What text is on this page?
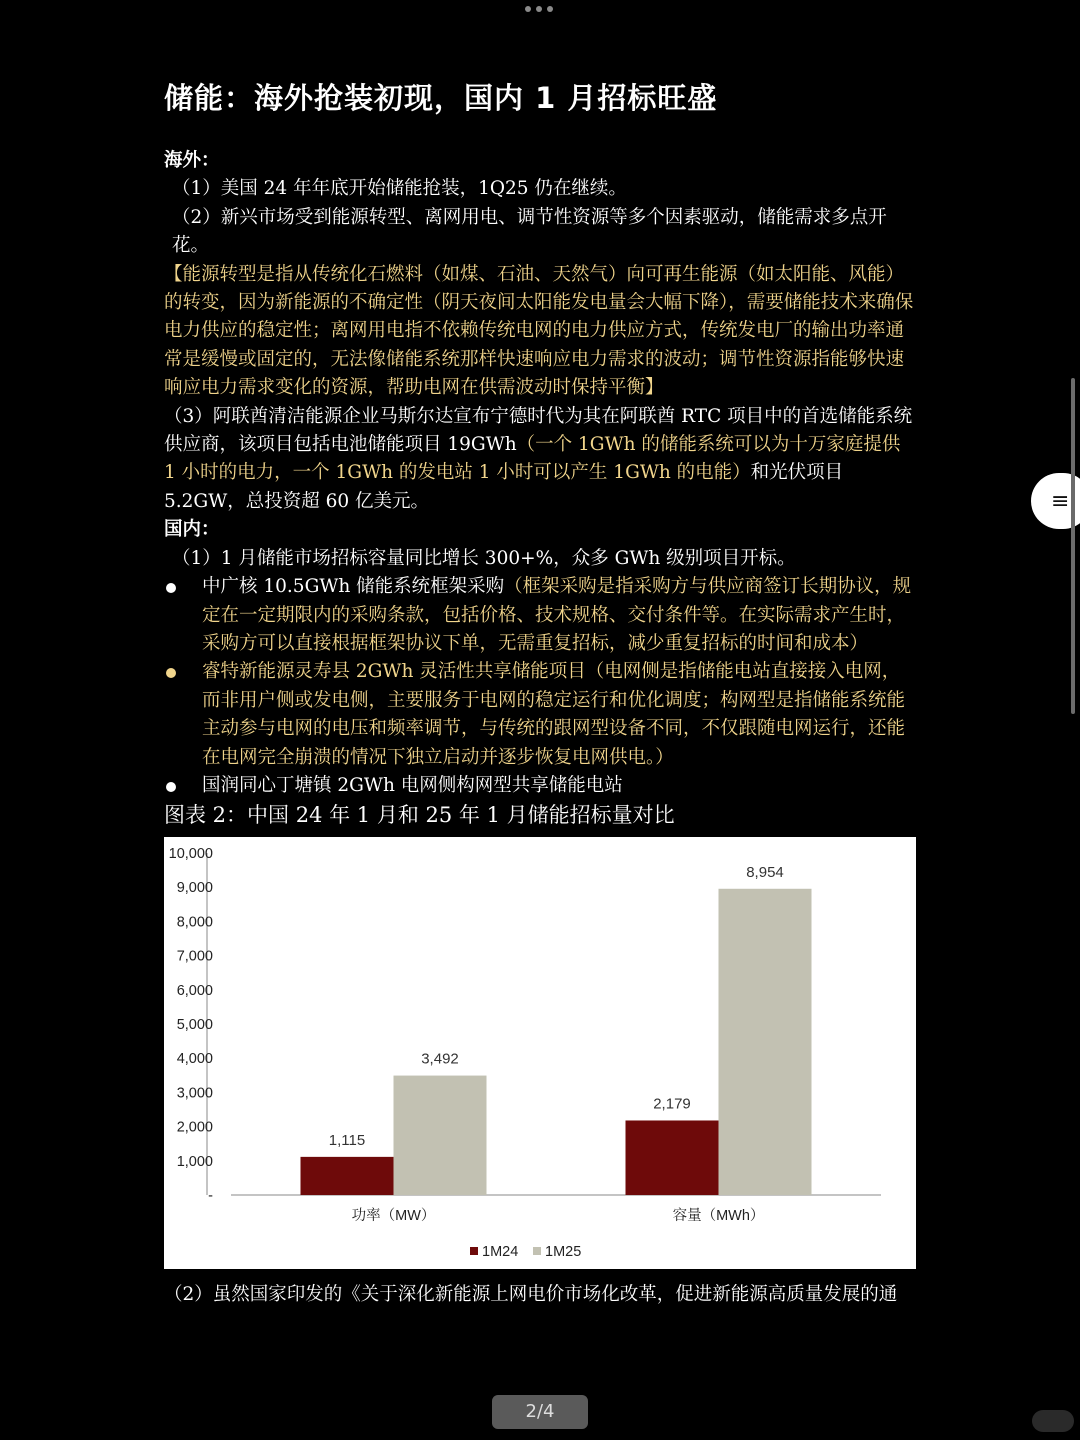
储能：海外抢装初现，国内 1 月招标旺盛

海外：

（1）美国 24 年年底开始储能抢装，1Q25 仍在继续。

（2）新兴市场受到能源转型、离网用电、调节性资源等多个因素驱动，储能需求多点开花。

【能源转型是指从传统化石燃料（如煤、石油、天然气）向可再生能源（如太阳能、风能）的转变，因为新能源的不确定性（阴天夜间太阳能发电量会大幅下降），需要储能技术来确保电力供应的稳定性；离网用电指不依赖传统电网的电力供应方式，传统发电厂的输出功率通常是缓慢或固定的，无法像储能系统那样快速响应电力需求的波动；调节性资源指能够快速响应电力需求变化的资源，帮助电网在供需波动时保持平衡】

（3）阿联酋清洁能源企业马斯尔达宣布宁德时代为其在阿联酋 RTC 项目中的首选储能系统供应商，该项目包括电池储能项目 19GWh（一个 1GWh 的储能系统可以为十万家庭提供 1 小时的电力，一个 1GWh 的发电站 1 小时可以产生 1GWh 的电能）和光伏项目 5.2GW，总投资超 60 亿美元。

国内：

（1）1 月储能市场招标容量同比增长 300+%，众多 GWh 级别项目开标。

中广核 10.5GWh 储能系统框架采购（框架采购是指采购方与供应商签订长期协议，规定在一定期限内的采购条款，包括价格、技术规格、交付条件等。在实际需求产生时，采购方可以直接根据框架协议下单，无需重复招标，减少重复招标的时间和成本）

睿特新能源灵寿县 2GWh 灵活性共享储能项目（电网侧是指储能电站直接接入电网，而非用户侧或发电侧，主要服务于电网的稳定运行和优化调度；构网型是指储能系统能主动参与电网的电压和频率调节，与传统的跟网型设备不同，不仅跟随电网运行，还能在电网完全崩溃的情况下独立启动并逐步恢复电网供电。）

国润同心丁塘镇 2GWh 电网侧构网型共享储能电站

图表 2：中国 24 年 1 月和 25 年 1 月储能招标量对比
-
1,000
2,000
3,000
4,000
5,000
6,000
7,000
8,000
9,000
10,000
1,115
3,492
功率（MW）
2,179
8,954
容量（MWh）
1M24 1M25
（2）虽然国家印发的《关于深化新能源上网电价市场化改革，促进新能源高质量发展的通
≡
2/4
